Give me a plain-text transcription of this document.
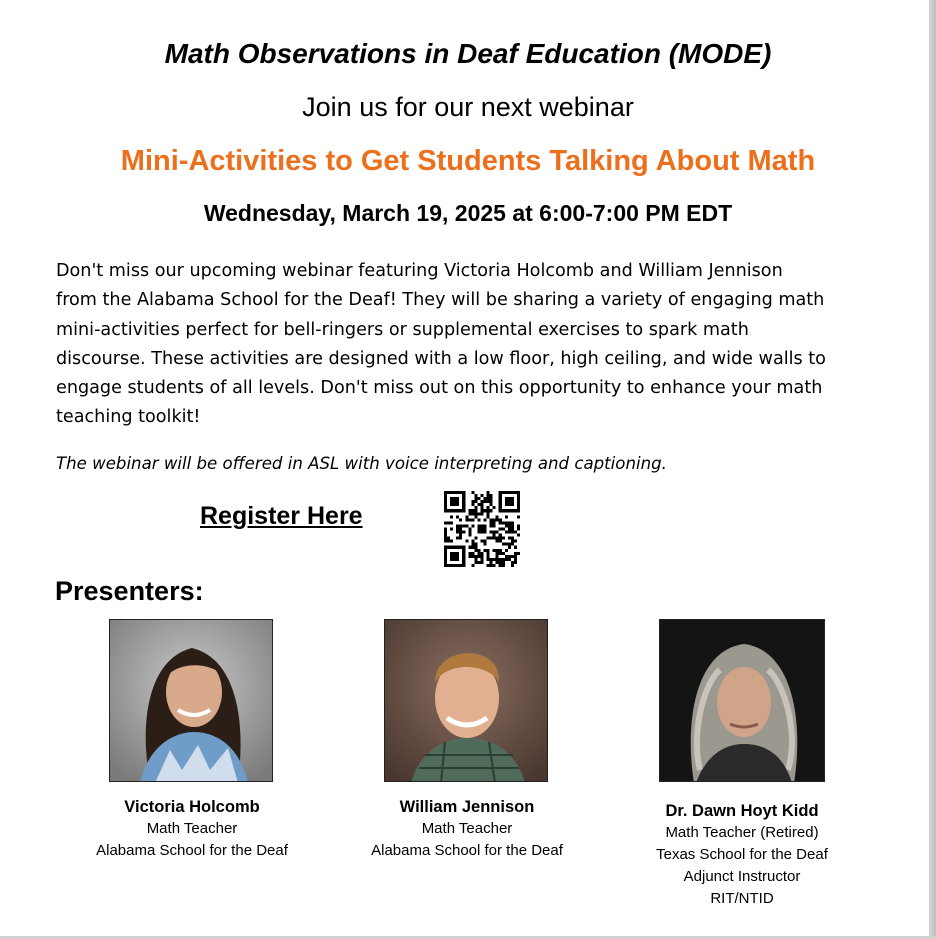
Math Observations in Deaf Education (MODE)
Join us for our next webinar
Mini-Activities to Get Students Talking About Math
Wednesday, March 19, 2025 at 6:00-7:00 PM EDT
Don't miss our upcoming webinar featuring Victoria Holcomb and William Jennison
from the Alabama School for the Deaf! They will be sharing a variety of engaging math
mini-activities perfect for bell-ringers or supplemental exercises to spark math
discourse. These activities are designed with a low floor, high ceiling, and wide walls to
engage students of all levels. Don't miss out on this opportunity to enhance your math
teaching toolkit!
The webinar will be offered in ASL with voice interpreting and captioning.
Register Here
Presenters:
Victoria Holcomb
Math Teacher
Alabama School for the Deaf
William Jennison
Math Teacher
Alabama School for the Deaf
Dr. Dawn Hoyt Kidd
Math Teacher (Retired)
Texas School for the Deaf
Adjunct Instructor
RIT/NTID
